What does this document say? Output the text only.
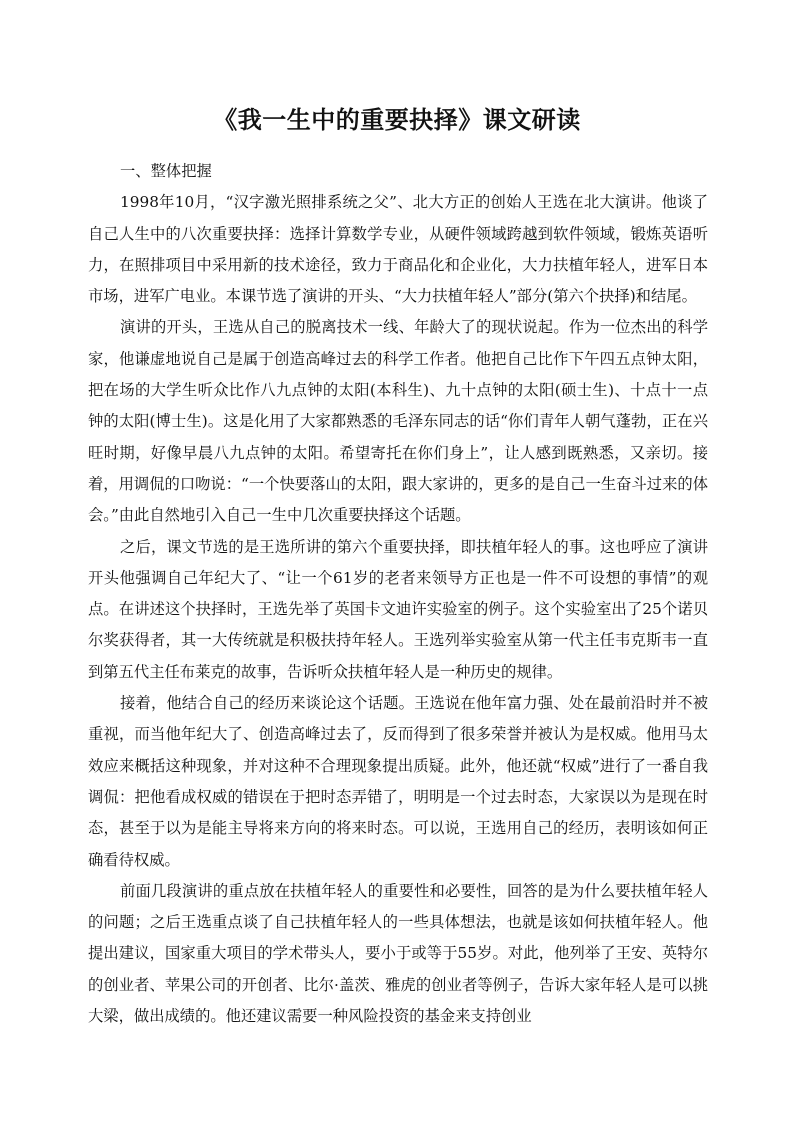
《我一生中的重要抉择》课文研读

一、整体把握

1998年10月，“汉字激光照排系统之父”、北大方正的创始人王选在北大演讲。他谈了自己人生中的八次重要抉择：选择计算数学专业，从硬件领域跨越到软件领域，锻炼英语听力，在照排项目中采用新的技术途径，致力于商品化和企业化，大力扶植年轻人，进军日本市场，进军广电业。本课节选了演讲的开头、“大力扶植年轻人”部分(第六个抉择)和结尾。

演讲的开头，王选从自己的脱离技术一线、年龄大了的现状说起。作为一位杰出的科学家，他谦虚地说自己是属于创造高峰过去的科学工作者。他把自己比作下午四五点钟太阳，把在场的大学生听众比作八九点钟的太阳(本科生)、九十点钟的太阳(硕士生)、十点十一点钟的太阳(博士生)。这是化用了大家都熟悉的毛泽东同志的话“你们青年人朝气蓬勃，正在兴旺时期，好像早晨八九点钟的太阳。希望寄托在你们身上”，让人感到既熟悉，又亲切。接着，用调侃的口吻说：“一个快要落山的太阳，跟大家讲的，更多的是自己一生奋斗过来的体会。”由此自然地引入自己一生中几次重要抉择这个话题。

之后，课文节选的是王选所讲的第六个重要抉择，即扶植年轻人的事。这也呼应了演讲开头他强调自己年纪大了、“让一个61岁的老者来领导方正也是一件不可设想的事情”的观点。在讲述这个抉择时，王选先举了英国卡文迪许实验室的例子。这个实验室出了25个诺贝尔奖获得者，其一大传统就是积极扶持年轻人。王选列举实验室从第一代主任韦克斯韦一直到第五代主任布莱克的故事，告诉听众扶植年轻人是一种历史的规律。

接着，他结合自己的经历来谈论这个话题。王选说在他年富力强、处在最前沿时并不被重视，而当他年纪大了、创造高峰过去了，反而得到了很多荣誉并被认为是权威。他用马太效应来概括这种现象，并对这种不合理现象提出质疑。此外，他还就“权威”进行了一番自我调侃：把他看成权威的错误在于把时态弄错了，明明是一个过去时态，大家误以为是现在时态，甚至于以为是能主导将来方向的将来时态。可以说，王选用自己的经历，表明该如何正确看待权威。

前面几段演讲的重点放在扶植年轻人的重要性和必要性，回答的是为什么要扶植年轻人的问题；之后王选重点谈了自己扶植年轻人的一些具体想法，也就是该如何扶植年轻人。他提出建议，国家重大项目的学术带头人，要小于或等于55岁。对此，他列举了王安、英特尔的创业者、苹果公司的开创者、比尔·盖茨、雅虎的创业者等例子，告诉大家年轻人是可以挑大梁，做出成绩的。他还建议需要一种风险投资的基金来支持创业
